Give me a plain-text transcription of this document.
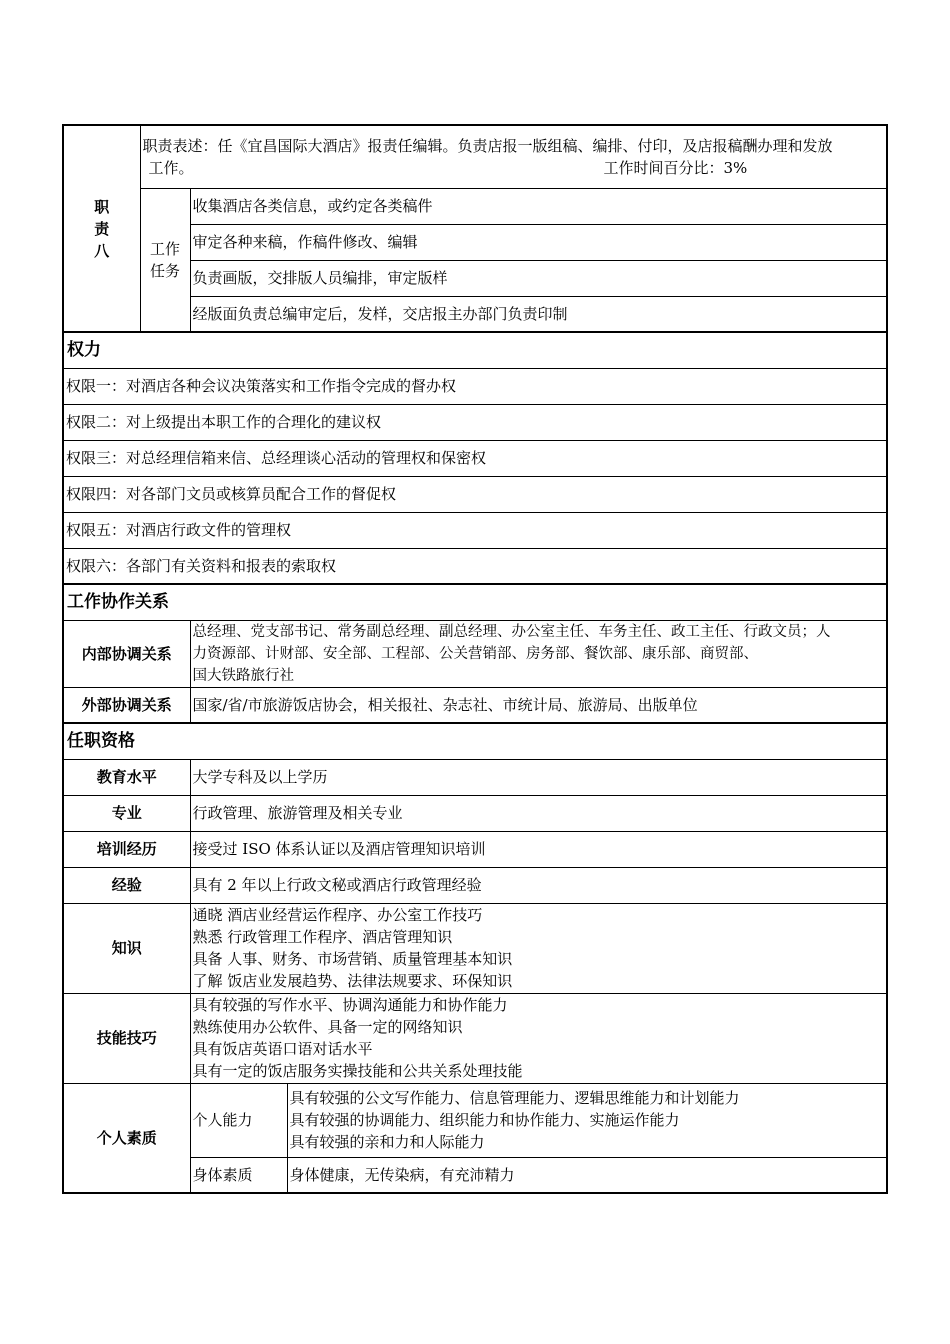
职
责
八	职责表述：任《宜昌国际大酒店》报责任编辑。负责店报一版组稿、编排、付印，及店报稿酬办理和发放
工作。 工作时间百分比：3%	

	工作
任务	收集酒店各类信息，或约定各类稿件
		审定各种来稿，作稿件修改、编辑
		负责画版，交排版人员编排，审定版样
		经版面负责总编审定后，发样，交店报主办部门负责印制
权力
权限一：对酒店各种会议决策落实和工作指令完成的督办权
权限二：对上级提出本职工作的合理化的建议权
权限三：对总经理信箱来信、总经理谈心活动的管理权和保密权
权限四：对各部门文员或核算员配合工作的督促权
权限五：对酒店行政文件的管理权
权限六：各部门有关资料和报表的索取权
工作协作关系	
内部协调关系	总经理、党支部书记、常务副总经理、副总经理、办公室主任、车务主任、政工主任、行政文员；人
力资源部、计财部、安全部、工程部、公关营销部、房务部、餐饮部、康乐部、商贸部、
国大铁路旅行社

外部协调关系	国家/省/市旅游饭店协会，相关报社、杂志社、市统计局、旅游局、出版单位
任职资格		
教育水平	大学专科及以上学历	
专业	行政管理、旅游管理及相关专业	
培训经历	接受过 ISO 体系认证以及酒店管理知识培训	
经验	具有 2 年以上行政文秘或酒店行政管理经验	
知识	通晓 酒店业经营运作程序、办公室工作技巧
熟悉 行政管理工作程序、酒店管理知识
具备 人事、财务、市场营销、质量管理基本知识
了解 饭店业发展趋势、法律法规要求、环保知识	

技能技巧	具有较强的写作水平、协调沟通能力和协作能力
熟练使用办公软件、具备一定的网络知识
具有饭店英语口语对话水平
具有一定的饭店服务实操技能和公共关系处理技能	

个人素质	个人能力	具有较强的公文写作能力、信息管理能力、逻辑思维能力和计划能力
具有较强的协调能力、组织能力和协作能力、实施运作能力
具有较强的亲和力和人际能力

	身体素质	身体健康，无传染病，有充沛精力
